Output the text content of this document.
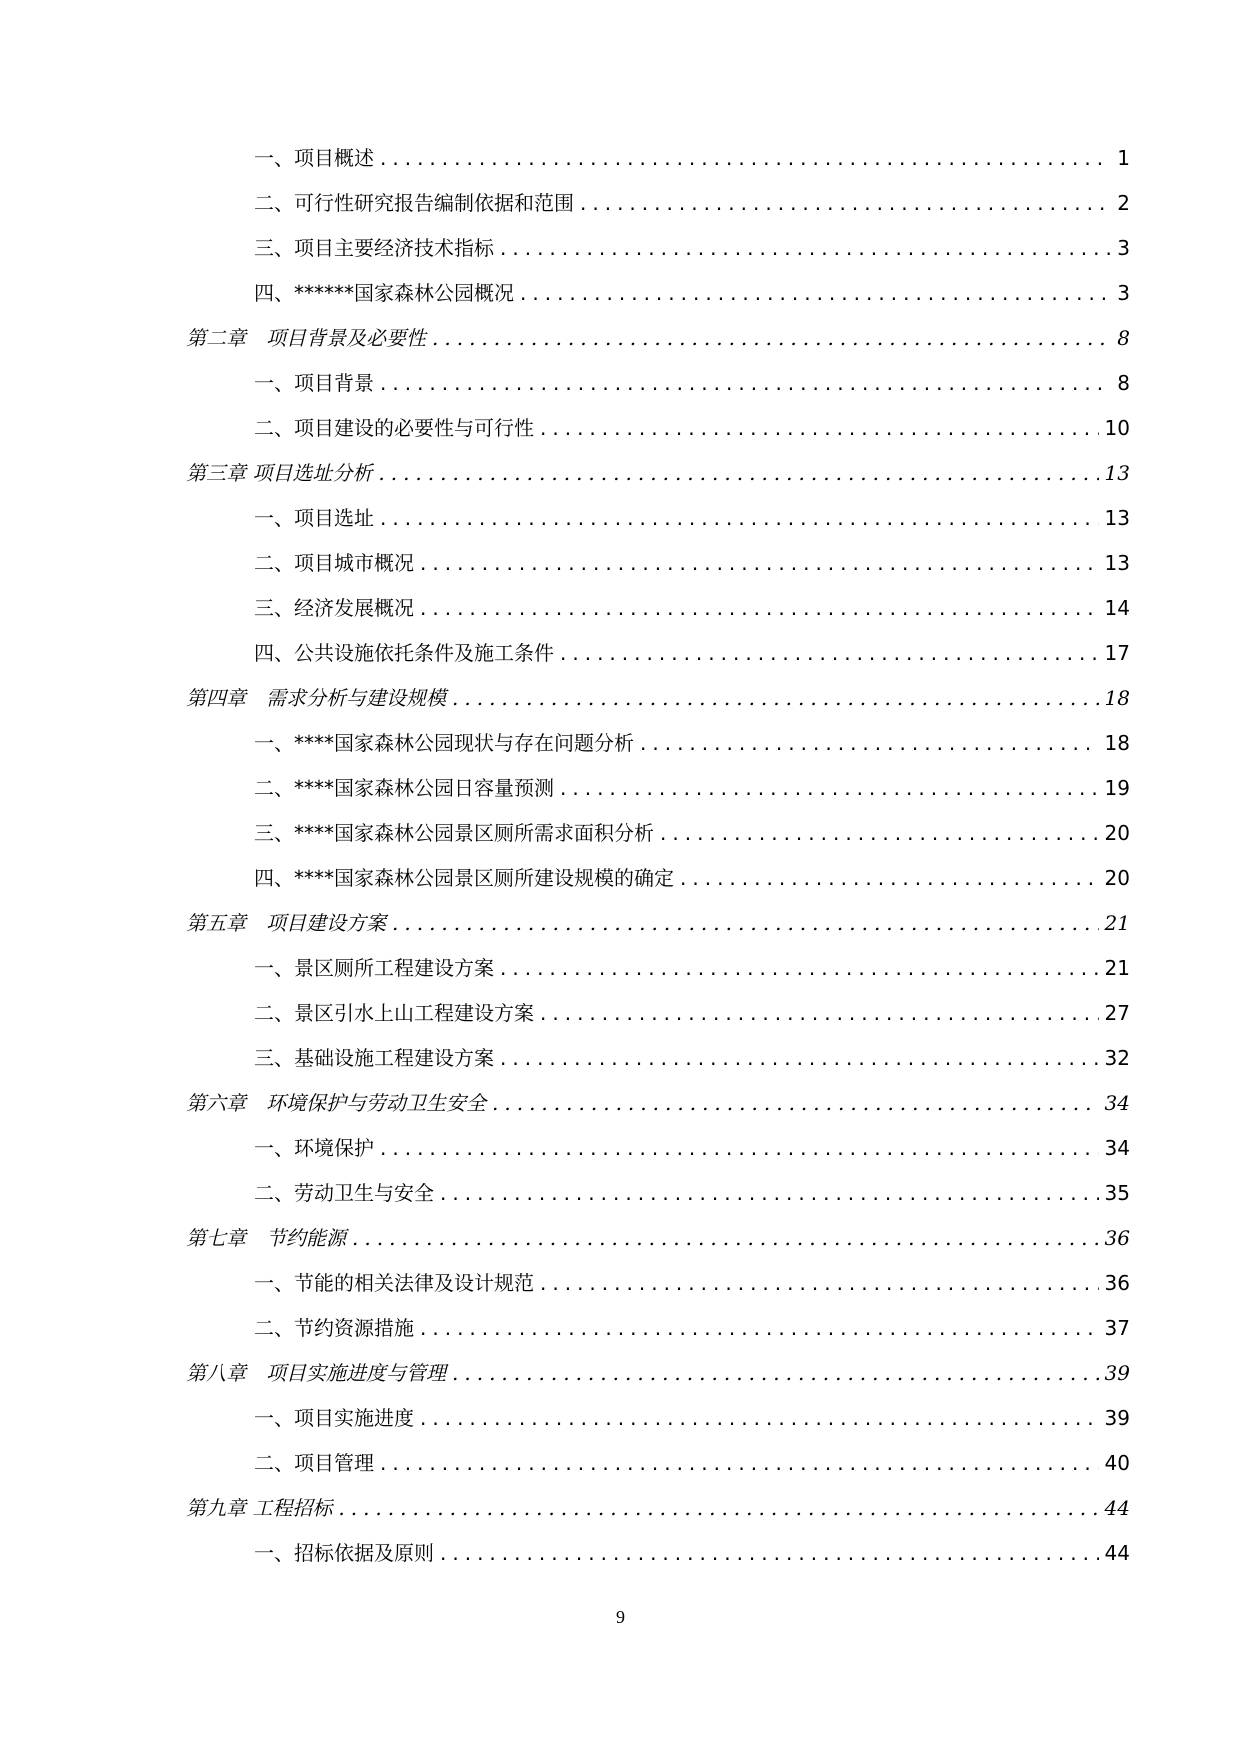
一、项目概述 .....	1
二、可行性研究报告编制依据和范围 .....	2
三、项目主要经济技术指标 .....	3
四、******国家森林公园概况 .....	3
第二章　项目背景及必要性 .....	8
一、项目背景 .....	8
二、项目建设的必要性与可行性 .....	10
第三章 项目选址分析 .....	13
一、项目选址 .....	13
二、项目城市概况 .....	13
三、经济发展概况 .....	14
四、公共设施依托条件及施工条件 .....	17
第四章　需求分析与建设规模 .....	18
一、****国家森林公园现状与存在问题分析 .....	18
二、****国家森林公园日容量预测 .....	19
三、****国家森林公园景区厕所需求面积分析 .....	20
四、****国家森林公园景区厕所建设规模的确定 .....	20
第五章　项目建设方案 .....	21
一、景区厕所工程建设方案 .....	21
二、景区引水上山工程建设方案 .....	27
三、基础设施工程建设方案 .....	32
第六章　环境保护与劳动卫生安全 .....	34
一、环境保护 .....	34
二、劳动卫生与安全 .....	35
第七章　节约能源 .....	36
一、节能的相关法律及设计规范 .....	36
二、节约资源措施 .....	37
第八章　项目实施进度与管理 .....	39
一、项目实施进度 .....	39
二、项目管理 .....	40
第九章 工程招标 .....	44
一、招标依据及原则 .....	44
9
